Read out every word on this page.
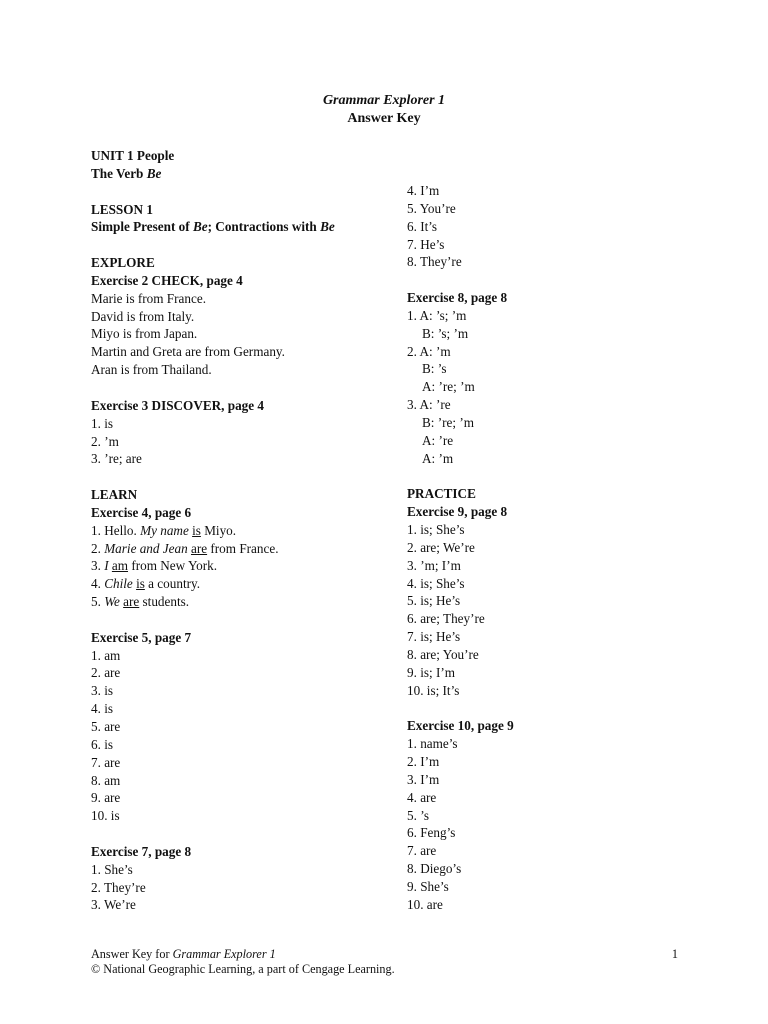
Grammar Explorer 1
Answer Key
UNIT 1 People
The Verb Be
LESSON 1
Simple Present of Be; Contractions with Be
EXPLORE
Exercise 2 CHECK, page 4
Marie is from France.
David is from Italy.
Miyo is from Japan.
Martin and Greta are from Germany.
Aran is from Thailand.
Exercise 3 DISCOVER, page 4
1. is
2. ’m
3. ’re; are
LEARN
Exercise 4, page 6
1. Hello. My name is Miyo.
2. Marie and Jean are from France.
3. I am from New York.
4. Chile is a country.
5. We are students.
Exercise 5, page 7
1. am
2. are
3. is
4. is
5. are
6. is
7. are
8. am
9. are
10. is
Exercise 7, page 8
1. She’s
2. They’re
3. We’re
4. I’m
5. You’re
6. It’s
7. He’s
8. They’re
Exercise 8, page 8
1. A: ’s; ’m
B: ’s; ’m
2. A: ’m
B: ’s
A: ’re; ’m
3. A: ’re
B: ’re; ’m
A: ’re
A: ’m
PRACTICE
Exercise 9, page 8
1. is; She’s
2. are; We’re
3. ’m; I’m
4. is; She’s
5. is; He’s
6. are; They’re
7. is; He’s
8. are; You’re
9. is; I’m
10. is; It’s
Exercise 10, page 9
1. name’s
2. I’m
3. I’m
4. are
5. ’s
6. Feng’s
7. are
8. Diego’s
9. She’s
10. are
Answer Key for Grammar Explorer 1
© National Geographic Learning, a part of Cengage Learning.
1
